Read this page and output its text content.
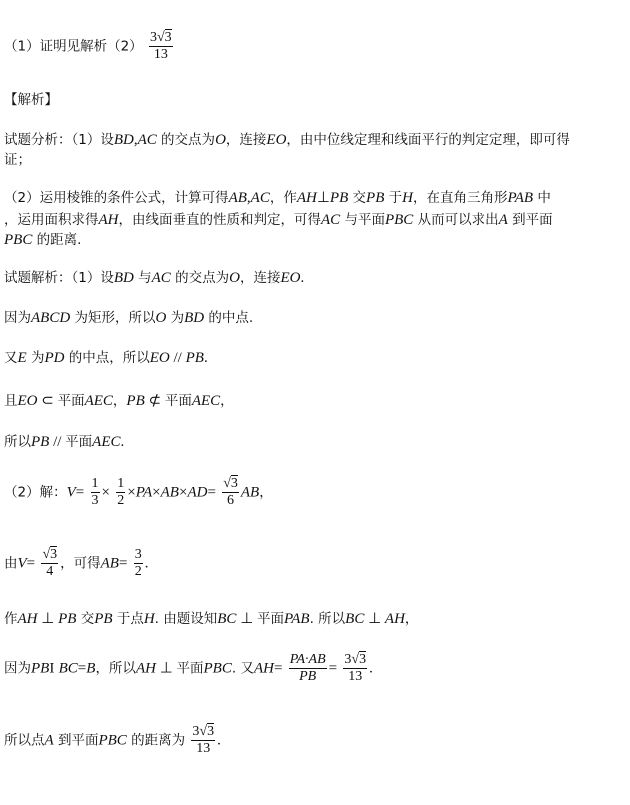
（1）证明见解析$(2) \frac{3√3}{13}$
【解析】
试题分析：（1）设BD,AC 的交点为O，连接EO，由中位线定理和线面平行的判定定理，即可得
证；
（2）运用棱锥的条件公式，计算可得AB,AC，作AH⊥PB 交PB 于H，在直角三角形PAB 中
，运用面积求得AH，由线面垂直的性质和判定，可得AC 与平面PBC 从而可以求出A 到平面
PBC 的距离.
试题解析：（1）设BD 与AC 的交点为O，连接EO.
因为ABCD 为矩形，所以O 为BD 的中点.
又E 为PD 的中点，所以EO // PB.
且EO ⊂ 平面AEC，PB ⊄ 平面AEC，
所以PB // 平面AEC.
（2）解：$V= \frac{1}{3} \times \frac{1}{2} \times PA\times AB\times AD= \frac{√3}{6}$ AB，
由$V= \frac{√3}{4}$ ，可得$AB= \frac{3}{2}$ .
作AH ⊥ PB 交PB 于点H. 由题设知BC ⊥ 平面PAB. 所以BC ⊥ AH，
因为PBI BC=B，所以AH ⊥ 平面PBC. 又$AH= \frac{PA\cdot AB}{PB} = \frac{3√3}{13}$ .
所以点A 到平面PBC 的距离为 $\frac{3√3}{13}$ .
